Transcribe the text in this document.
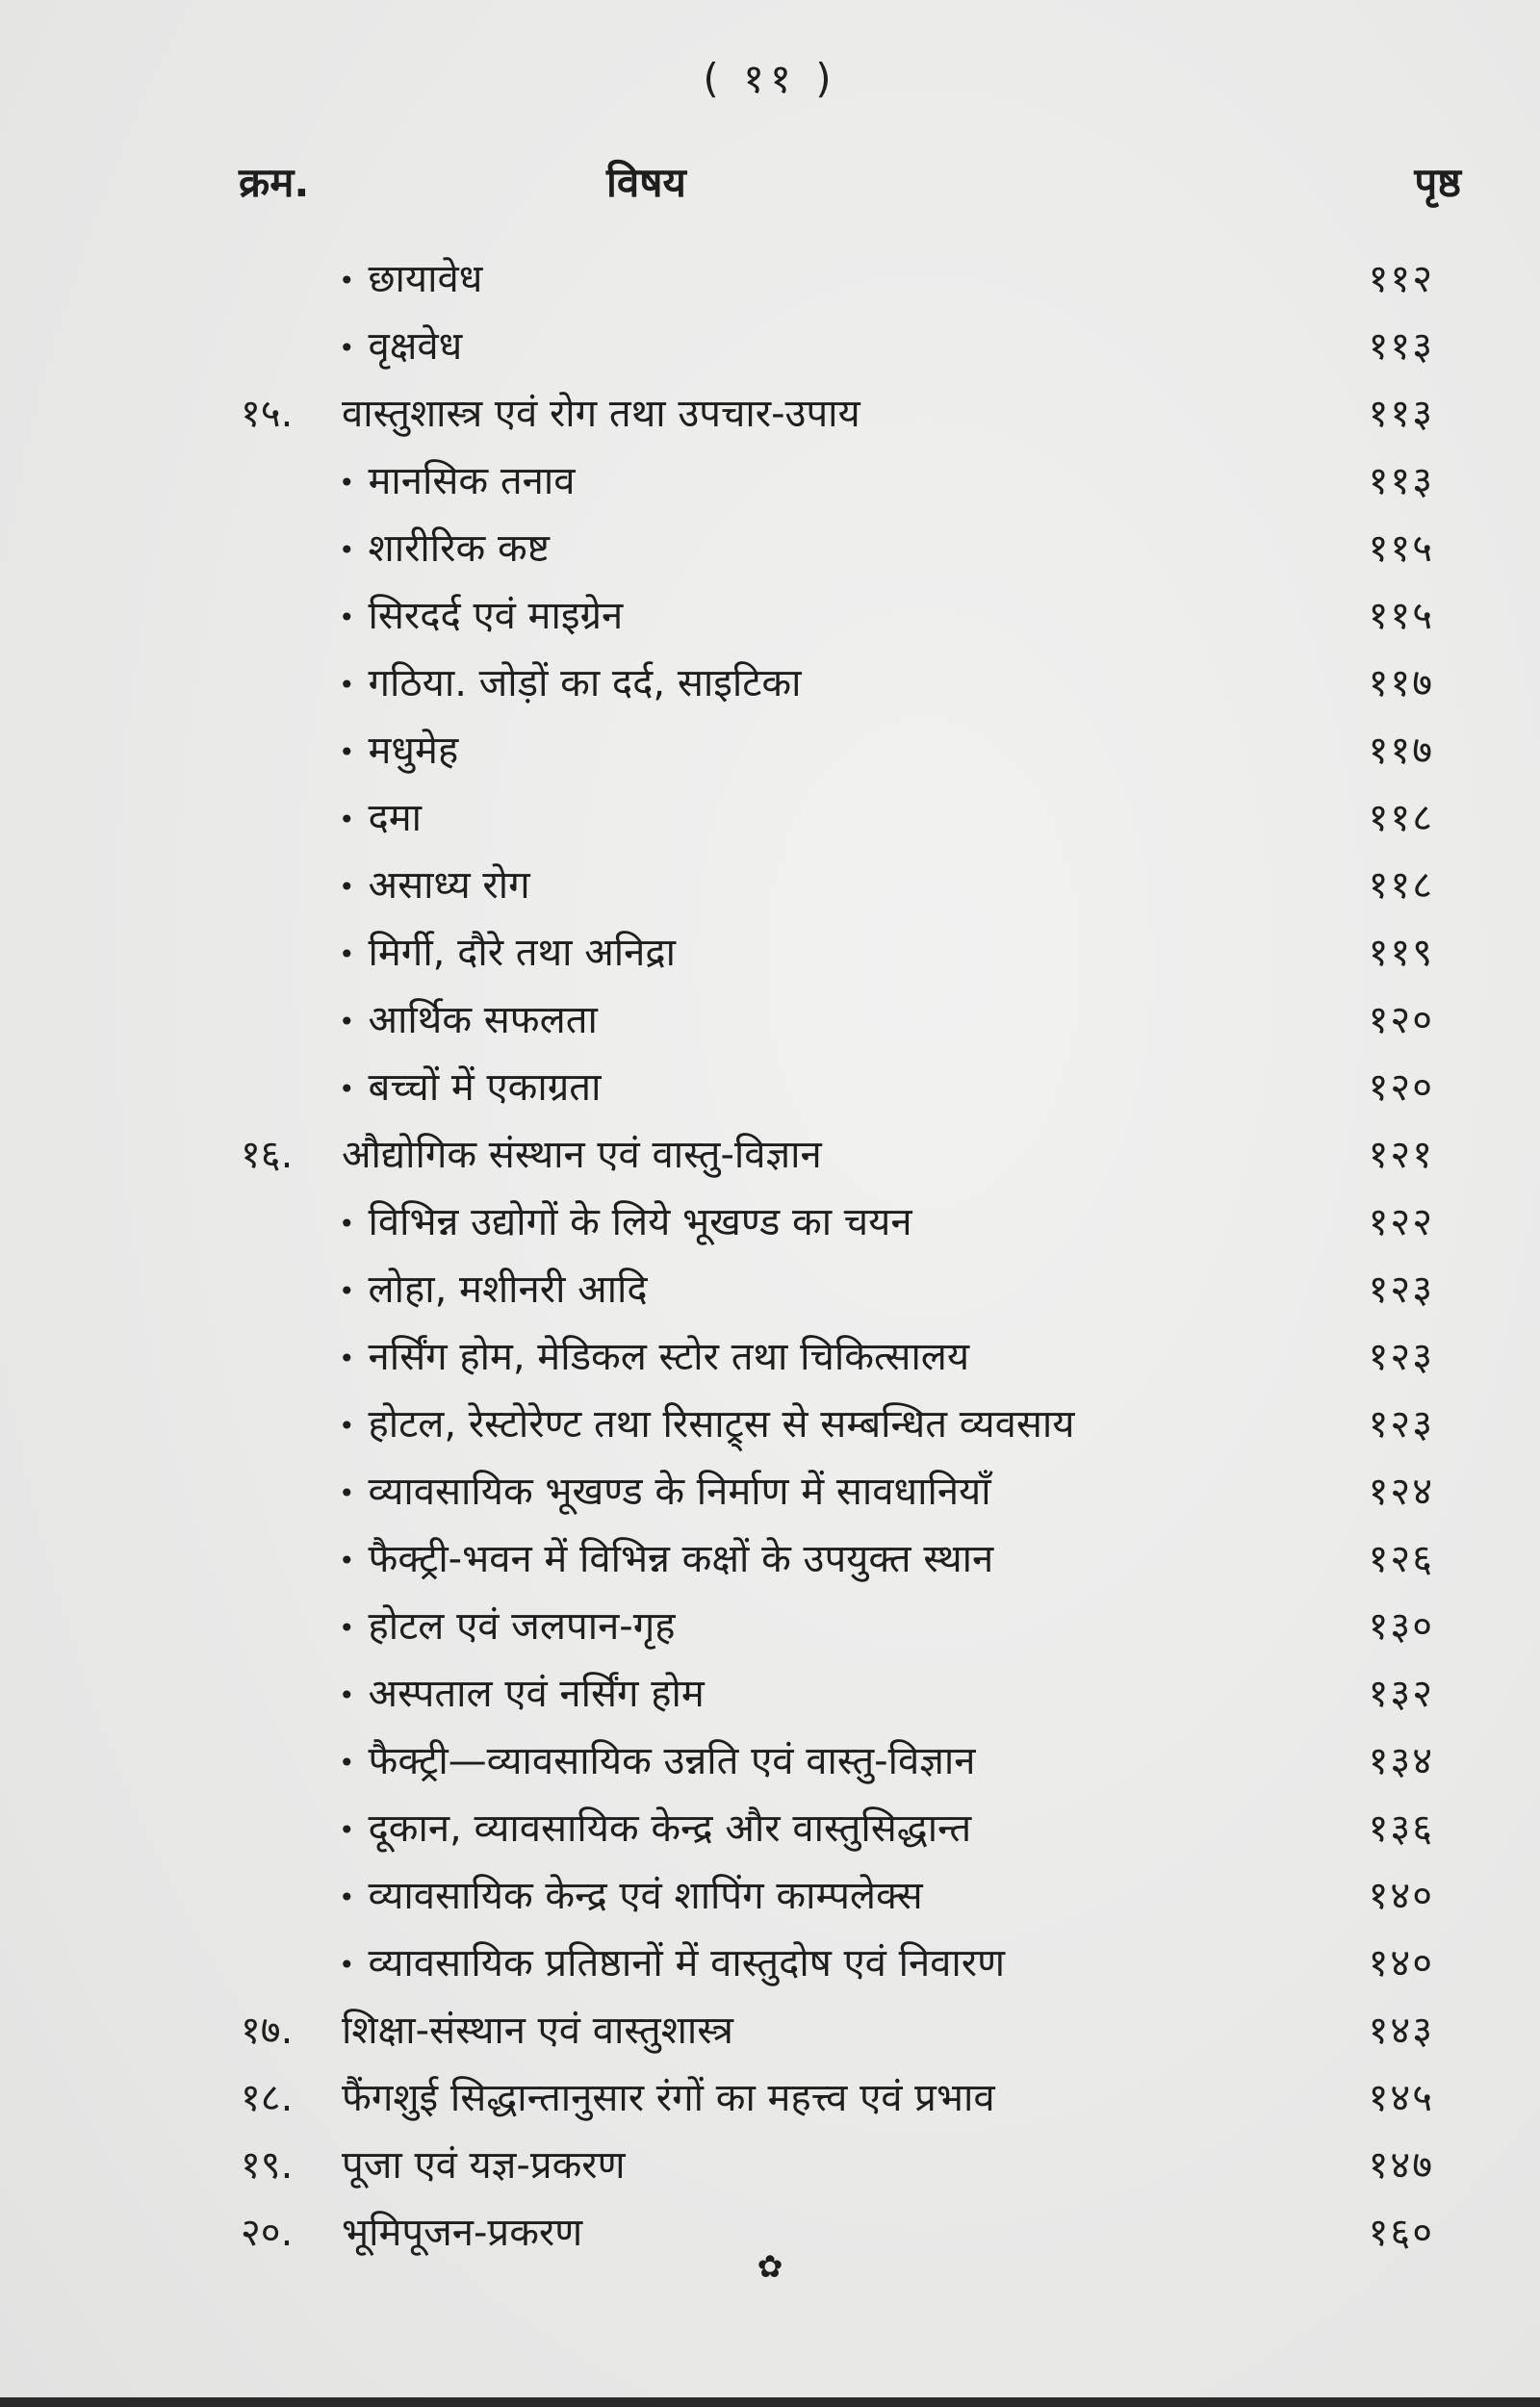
( ११ )
क्रम.	विषय	पृष्ठ
• छायावेध	११२
• वृक्षवेध	११३
१५.	वास्तुशास्त्र एवं रोग तथा उपचार-उपाय	११३
• मानसिक तनाव	११३
• शारीरिक कष्ट	११५
• सिरदर्द एवं माइग्रेन	११५
• गठिया. जोड़ों का दर्द, साइटिका	११७
• मधुमेह	११७
• दमा	११८
• असाध्य रोग	११८
• मिर्गी, दौरे तथा अनिद्रा	११९
• आर्थिक सफलता	१२०
• बच्चों में एकाग्रता	१२०
१६.	औद्योगिक संस्थान एवं वास्तु-विज्ञान	१२१
• विभिन्न उद्योगों के लिये भूखण्ड का चयन	१२२
• लोहा, मशीनरी आदि	१२३
• नर्सिंग होम, मेडिकल स्टोर तथा चिकित्सालय	१२३
• होटल, रेस्टोरेण्ट तथा रिसाट्र्स से सम्बन्धित व्यवसाय	१२३
• व्यावसायिक भूखण्ड के निर्माण में सावधानियाँ	१२४
• फैक्ट्री-भवन में विभिन्न कक्षों के उपयुक्त स्थान	१२६
• होटल एवं जलपान-गृह	१३०
• अस्पताल एवं नर्सिंग होम	१३२
• फैक्ट्री—व्यावसायिक उन्नति एवं वास्तु-विज्ञान	१३४
• दूकान, व्यावसायिक केन्द्र और वास्तुसिद्धान्त	१३६
• व्यावसायिक केन्द्र एवं शापिंग काम्पलेक्स	१४०
• व्यावसायिक प्रतिष्ठानों में वास्तुदोष एवं निवारण	१४०
१७.	शिक्षा-संस्थान एवं वास्तुशास्त्र	१४३
१८.	फैंगशुई सिद्धान्तानुसार रंगों का महत्त्व एवं प्रभाव	१४५
१९.	पूजा एवं यज्ञ-प्रकरण	१४७
२०.	भूमिपूजन-प्रकरण	१६०
✿
